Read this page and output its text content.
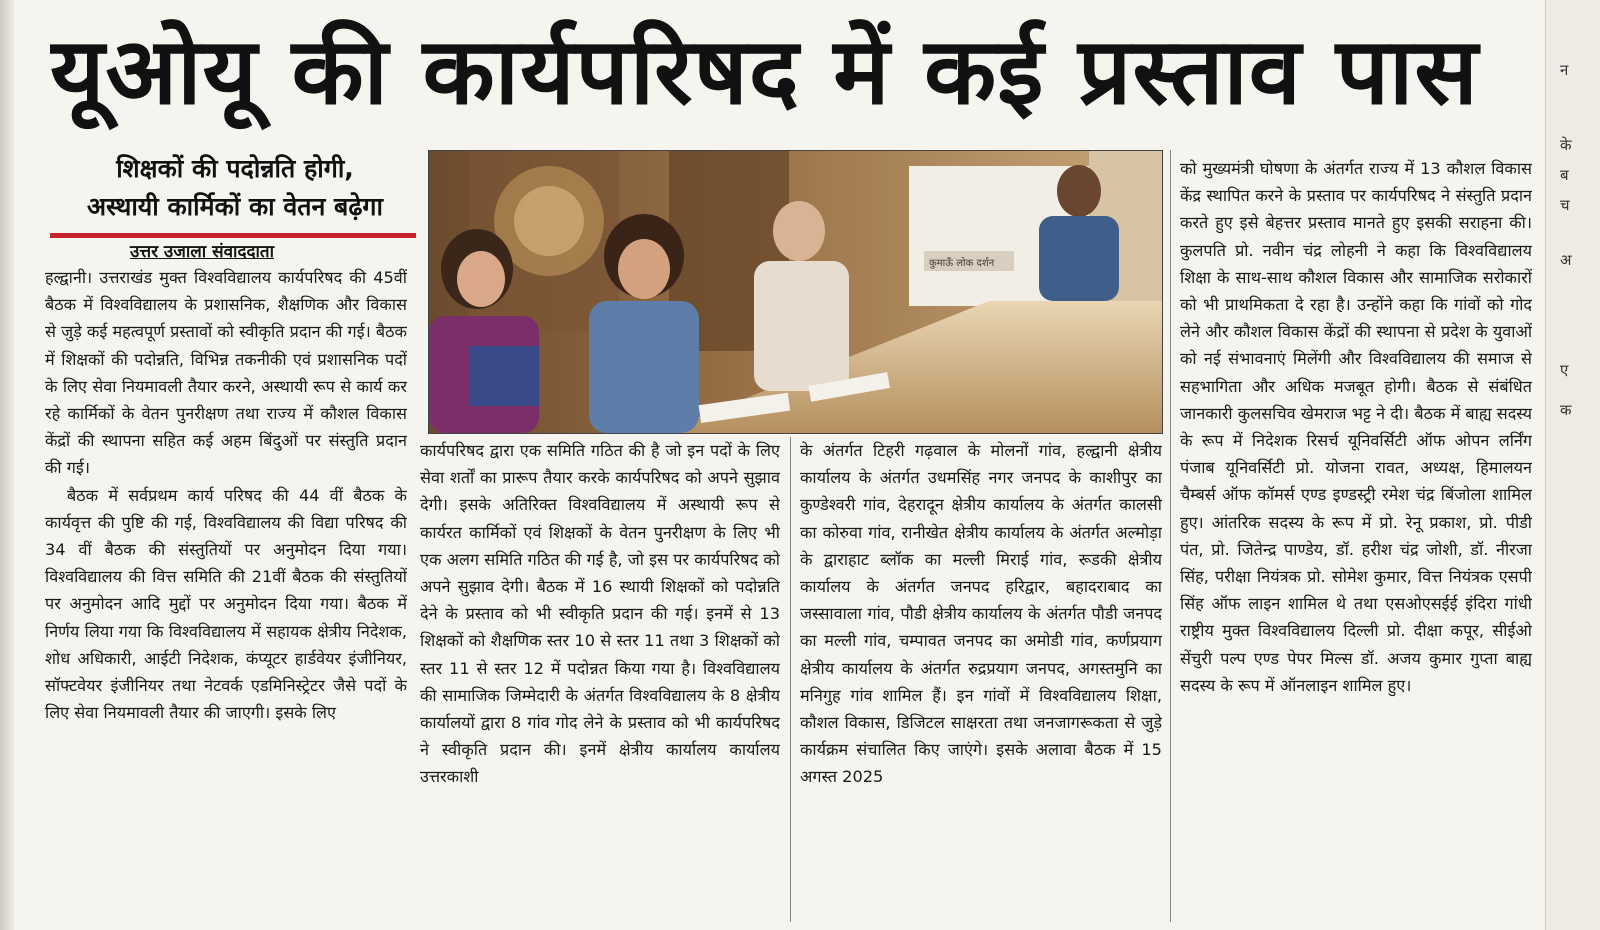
यूओयू की कार्यपरिषद में कई प्रस्ताव पास
शिक्षकों की पदोन्नति होगी,
अस्थायी कार्मिकों का वेतन बढ़ेगा
उत्तर उजाला संवाददाता

हल्द्वानी। उत्तराखंड मुक्त विश्वविद्यालय कार्यपरिषद की 45वीं बैठक में विश्वविद्यालय के प्रशासनिक, शैक्षणिक और विकास से जुड़े कई महत्वपूर्ण प्रस्तावों को स्वीकृति प्रदान की गई। बैठक में शिक्षकों की पदोन्नति, विभिन्न तकनीकी एवं प्रशासनिक पदों के लिए सेवा नियमावली तैयार करने, अस्थायी रूप से कार्य कर रहे कार्मिकों के वेतन पुनरीक्षण तथा राज्य में कौशल विकास केंद्रों की स्थापना सहित कई अहम बिंदुओं पर संस्तुति प्रदान की गई।

बैठक में सर्वप्रथम कार्य परिषद की 44 वीं बैठक के कार्यवृत्त की पुष्टि की गई, विश्वविद्यालय की विद्या परिषद की 34 वीं बैठक की संस्तुतियों पर अनुमोदन दिया गया। विश्वविद्यालय की वित्त समिति की 21वीं बैठक की संस्तुतियों पर अनुमोदन आदि मुद्दों पर अनुमोदन दिया गया। बैठक में निर्णय लिया गया कि विश्वविद्यालय में सहायक क्षेत्रीय निदेशक, शोध अधिकारी, आईटी निदेशक, कंप्यूटर हार्डवेयर इंजीनियर, सॉफ्टवेयर इंजीनियर तथा नेटवर्क एडमिनिस्ट्रेटर जैसे पदों के लिए सेवा नियमावली तैयार की जाएगी। इसके लिए

कुमाऊँ लोक दर्शन

कार्यपरिषद द्वारा एक समिति गठित की है जो इन पदों के लिए सेवा शर्तों का प्रारूप तैयार करके कार्यपरिषद को अपने सुझाव देगी। इसके अतिरिक्त विश्वविद्यालय में अस्थायी रूप से कार्यरत कार्मिकों एवं शिक्षकों के वेतन पुनरीक्षण के लिए भी एक अलग समिति गठित की गई है, जो इस पर कार्यपरिषद को अपने सुझाव देगी। बैठक में 16 स्थायी शिक्षकों को पदोन्नति देने के प्रस्ताव को भी स्वीकृति प्रदान की गई। इनमें से 13 शिक्षकों को शैक्षणिक स्तर 10 से स्तर 11 तथा 3 शिक्षकों को स्तर 11 से स्तर 12 में पदोन्नत किया गया है। विश्वविद्यालय की सामाजिक जिम्मेदारी के अंतर्गत विश्वविद्यालय के 8 क्षेत्रीय कार्यालयों द्वारा 8 गांव गोद लेने के प्रस्ताव को भी कार्यपरिषद ने स्वीकृति प्रदान की। इनमें क्षेत्रीय कार्यालय कार्यालय उत्तरकाशी

के अंतर्गत टिहरी गढ़वाल के मोलनों गांव, हल्द्वानी क्षेत्रीय कार्यालय के अंतर्गत उधमसिंह नगर जनपद के काशीपुर का कुण्डेश्वरी गांव, देहरादून क्षेत्रीय कार्यालय के अंतर्गत कालसी का कोरुवा गांव, रानीखेत क्षेत्रीय कार्यालय के अंतर्गत अल्मोड़ा के द्वाराहाट ब्लॉक का मल्ली मिराई गांव, रूडकी क्षेत्रीय कार्यालय के अंतर्गत जनपद हरिद्वार, बहादराबाद का जस्सावाला गांव, पौडी क्षेत्रीय कार्यालय के अंतर्गत पौडी जनपद का मल्ली गांव, चम्पावत जनपद का अमोडी गांव, कर्णप्रयाग क्षेत्रीय कार्यालय के अंतर्गत रुद्रप्रयाग जनपद, अगस्तमुनि का मनिगुह गांव शामिल हैं। इन गांवों में विश्वविद्यालय शिक्षा, कौशल विकास, डिजिटल साक्षरता तथा जनजागरूकता से जुड़े कार्यक्रम संचालित किए जाएंगे। इसके अलावा बैठक में 15 अगस्त 2025

को मुख्यमंत्री घोषणा के अंतर्गत राज्य में 13 कौशल विकास केंद्र स्थापित करने के प्रस्ताव पर कार्यपरिषद ने संस्तुति प्रदान करते हुए इसे बेहत्तर प्रस्ताव मानते हुए इसकी सराहना की। कुलपति प्रो. नवीन चंद्र लोहनी ने कहा कि विश्वविद्यालय शिक्षा के साथ-साथ कौशल विकास और सामाजिक सरोकारों को भी प्राथमिकता दे रहा है। उन्होंने कहा कि गांवों को गोद लेने और कौशल विकास केंद्रों की स्थापना से प्रदेश के युवाओं को नई संभावनाएं मिलेंगी और विश्वविद्यालय की समाज से सहभागिता और अधिक मजबूत होगी। बैठक से संबंधित जानकारी कुलसचिव खेमराज भट्ट ने दी। बैठक में बाह्य सदस्य के रूप में निदेशक रिसर्च यूनिवर्सिटी ऑफ ओपन लर्निंग पंजाब यूनिवर्सिटी प्रो. योजना रावत, अध्यक्ष, हिमालयन चैम्बर्स ऑफ कॉमर्स एण्ड इण्डस्ट्री रमेश चंद्र बिंजोला शामिल हुए। आंतरिक सदस्य के रूप में प्रो. रेनू प्रकाश, प्रो. पीडी पंत, प्रो. जितेन्द्र पाण्डेय, डॉ. हरीश चंद्र जोशी, डॉ. नीरजा सिंह, परीक्षा नियंत्रक प्रो. सोमेश कुमार, वित्त नियंत्रक एसपी सिंह ऑफ लाइन शामिल थे तथा एसओएसईई इंदिरा गांधी राष्ट्रीय मुक्त विश्वविद्यालय दिल्ली प्रो. दीक्षा कपूर, सीईओ सेंचुरी पल्प एण्ड पेपर मिल्स डॉ. अजय कुमार गुप्ता बाह्य सदस्य के रूप में ऑनलाइन शामिल हुए।

न
के
ब
च
अ
ए
क
